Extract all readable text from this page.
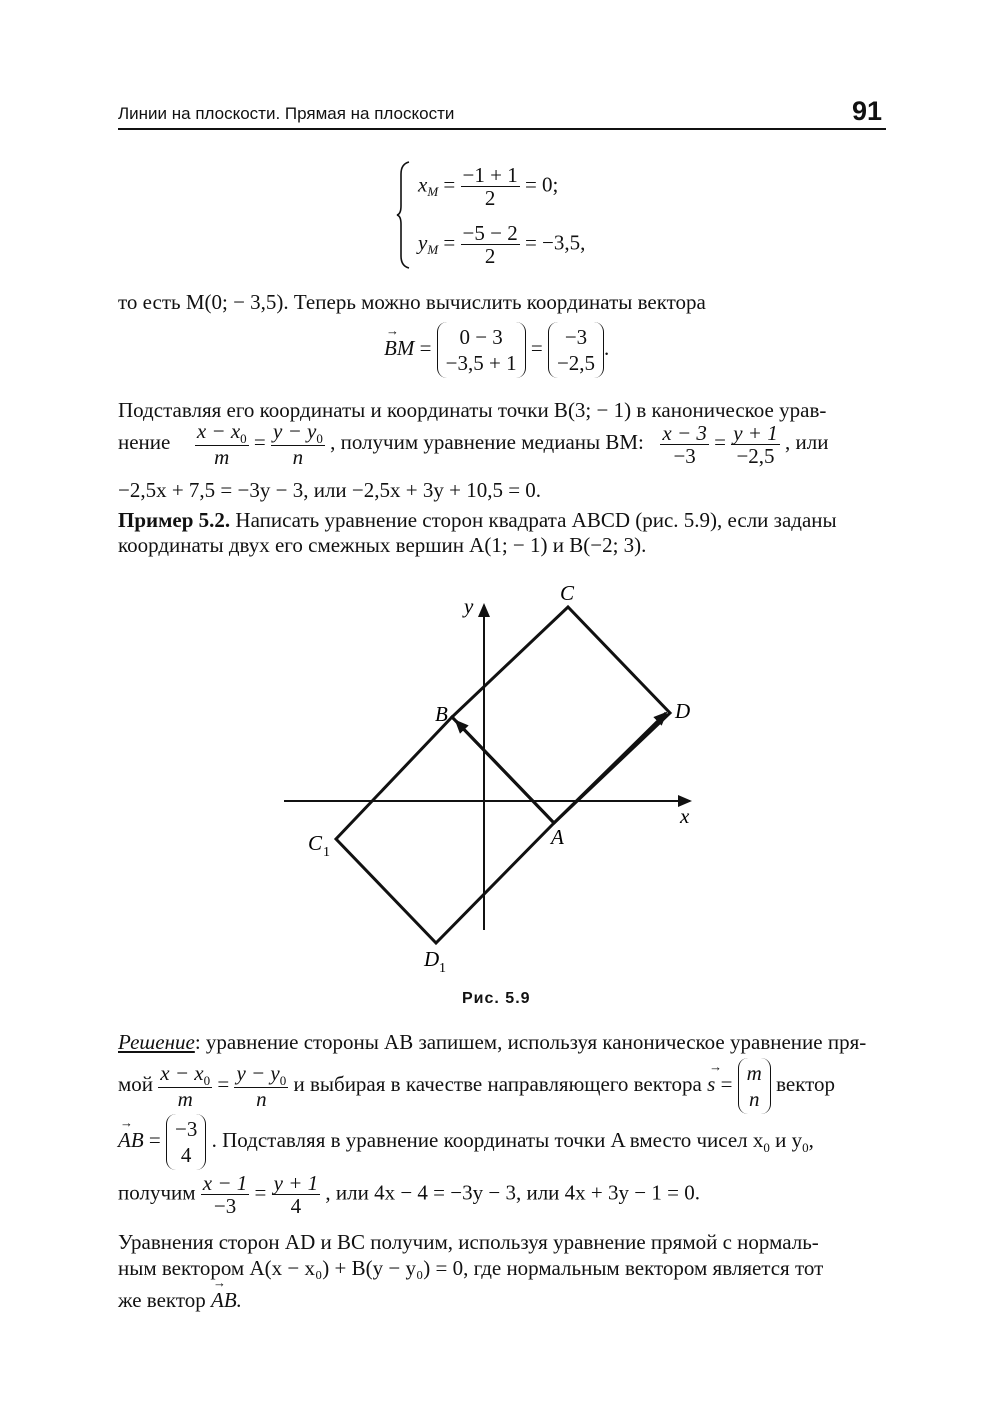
Линии на плоскости. Прямая на плоскости	91
$x_M = \frac{-1 + 1}{2} = 0$;
$y_M = \frac{-5 - 2}{2} = -3,5$,
то есть M(0; − 3,5). Теперь можно вычислить координаты вектора
→ BM =	0 − 3
−3,5 + 1
= −3
−2,5
.
Подставляя его координаты и координаты точки B(3; − 1) в каноническое урав-
нение $\frac{x - x_0}{m} = \frac{y - y_0}{n}$ , получим уравнение медианы BM: $\frac{x - 3}{-3} = \frac{y + 1}{-2,5}$ , или
−2,5x + 7,5 = −3y − 3, или −2,5x + 3y + 10,5 = 0.
Пример 5.2. Написать уравнение сторон квадрата ABCD (рис. 5.9), если заданы
координаты двух его смежных вершин A(1; − 1) и B(−2; 3).
y
x
C
D
B
A
C 1
D 1
Рис. 5.9
Решение: уравнение стороны AB запишем, используя каноническое уравнение пря-
мой $\frac{x - x_0}{m} = \frac{y - y_0}{n}$ и выбирая в качестве направляющего вектора → s = m
n
вектор
→ AB = −3
4
. Подставляя в уравнение координаты точки A вместо чисел $x_0$ и $y_0$,
получим $\frac{x - 1}{-3} = \frac{y + 1}{4}$ , или 4x − 4 = −3y − 3, или 4x + 3y − 1 = 0.
Уравнения сторон AD и BC получим, используя уравнение прямой с нормаль-
ным вектором A(x − x₀) + B(y − y₀) = 0, где нормальным вектором является тот
же вектор → AB.
